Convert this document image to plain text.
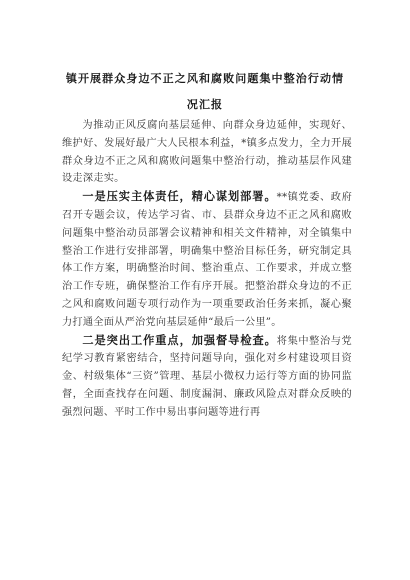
镇开展群众身边不正之风和腐败问题集中整治行动情况汇报

为推动正风反腐向基层延伸、向群众身边延伸，实现好、维护好、发展好最广大人民根本利益，*镇多点发力，全力开展群众身边不正之风和腐败问题集中整治行动，推动基层作风建设走深走实。

一是压实主体责任，精心谋划部署。**镇党委、政府召开专题会议，传达学习省、市、县群众身边不正之风和腐败问题集中整治动员部署会议精神和相关文件精神，对全镇集中整治工作进行安排部署，明确集中整治目标任务，研究制定具体工作方案，明确整治时间、整治重点、工作要求，并成立整治工作专班，确保整治工作有序开展。把整治群众身边的不正之风和腐败问题专项行动作为一项重要政治任务来抓，凝心聚力打通全面从严治党向基层延伸“最后一公里”。

二是突出工作重点，加强督导检查。将集中整治与党纪学习教育紧密结合，坚持问题导向，强化对乡村建设项目资金、村级集体“三资”管理、基层小微权力运行等方面的协同监督，全面查找存在问题、制度漏洞、廉政风险点对群众反映的强烈问题、平时工作中易出事问题等进行再
